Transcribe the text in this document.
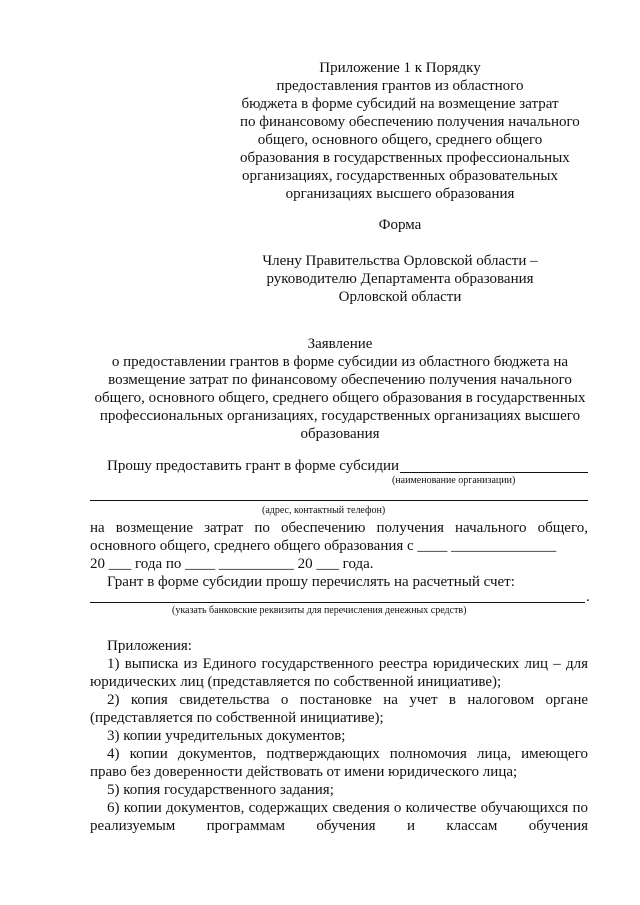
Приложение 1 к Порядку
предоставления грантов из областного
бюджета в форме субсидий на возмещение затрат
по финансовому обеспечению получения начального
общего, основного общего, среднего общего
образования в государственных профессиональных
организациях, государственных образовательных
организациях высшего образования
Форма
Члену Правительства Орловской области –
руководителю Департамента образования
Орловской области
Заявление
о предоставлении грантов в форме субсидии из областного бюджета на
возмещение затрат по финансовому обеспечению получения начального
общего, основного общего, среднего общего образования в государственных
профессиональных организациях, государственных организациях высшего
образования
Прошу предоставить грант в форме субсидии
(наименование организации)
(адрес, контактный телефон)
на возмещение затрат по обеспечению получения начального общего,
основного общего, среднего общего образования с ____ ______________
20 ___ года по ____ __________ 20 ___ года.
Грант в форме субсидии прошу перечислять на расчетный счет:
.
(указать банковские реквизиты для перечисления денежных средств)
Приложения:
1) выписка из Единого государственного реестра юридических лиц – для
юридических лиц (представляется по собственной инициативе);
2) копия свидетельства о постановке на учет в налоговом органе
(представляется по собственной инициативе);
3) копии учредительных документов;
4) копии документов, подтверждающих полномочия лица, имеющего
право без доверенности действовать от имени юридического лица;
5) копия государственного задания;
6) копии документов, содержащих сведения о количестве обучающихся по
реализуемым программам обучения и классам обучения
